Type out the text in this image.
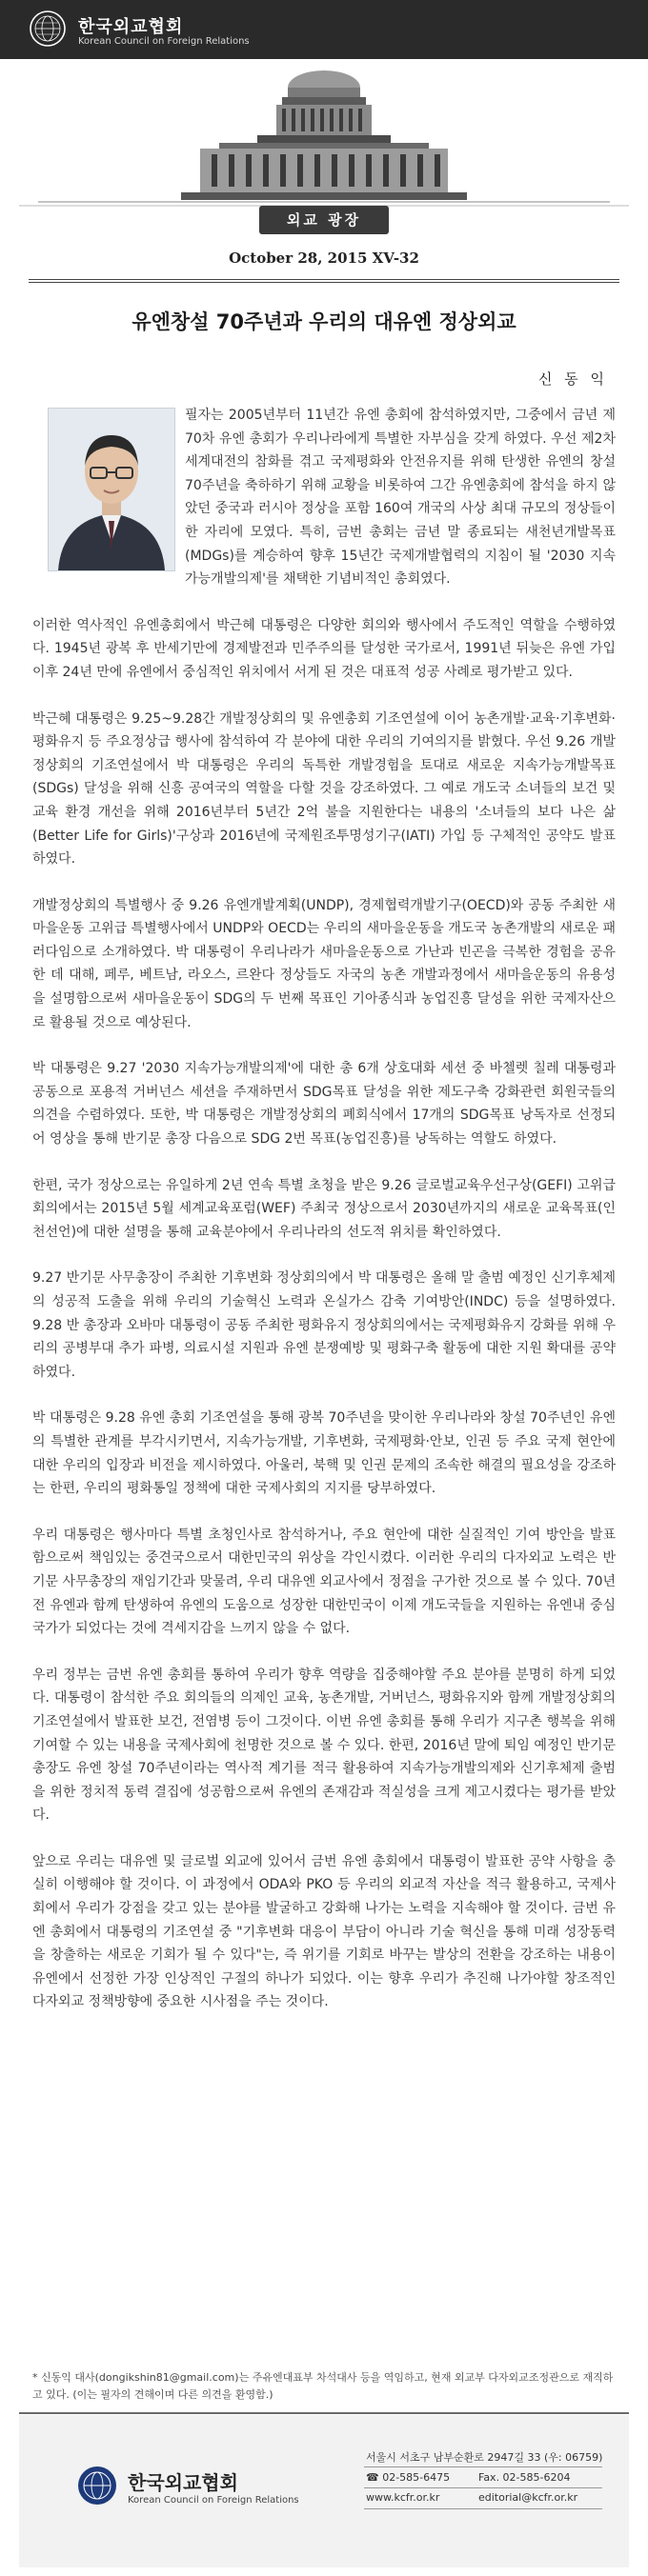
한국외교협회
Korean Council on Foreign Relations
외교 광장
October 28, 2015 XV-32
유엔창설 70주년과 우리의 대유엔 정상외교
신 동 익

필자는 2005년부터 11년간 유엔 총회에 참석하였지만, 그중에서 금년 제70차 유엔 총회가 우리나라에게 특별한 자부심을 갖게 하였다. 우선 제2차 세계대전의 참화를 겪고 국제평화와 안전유지를 위해 탄생한 유엔의 창설 70주년을 축하하기 위해 교황을 비롯하여 그간 유엔총회에 참석을 하지 않았던 중국과 러시아 정상을 포함 160여 개국의 사상 최대 규모의 정상들이 한 자리에 모였다. 특히, 금번 총회는 금년 말 종료되는 새천년개발목표(MDGs)를 계승하여 향후 15년간 국제개발협력의 지침이 될 '2030 지속가능개발의제'를 채택한 기념비적인 총회였다.

이러한 역사적인 유엔총회에서 박근혜 대통령은 다양한 회의와 행사에서 주도적인 역할을 수행하였다. 1945년 광복 후 반세기만에 경제발전과 민주주의를 달성한 국가로서, 1991년 뒤늦은 유엔 가입 이후 24년 만에 유엔에서 중심적인 위치에서 서게 된 것은 대표적 성공 사례로 평가받고 있다.

박근혜 대통령은 9.25~9.28간 개발정상회의 및 유엔총회 기조연설에 이어 농촌개발·교육·기후변화·평화유지 등 주요정상급 행사에 참석하여 각 분야에 대한 우리의 기여의지를 밝혔다. 우선 9.26 개발정상회의 기조연설에서 박 대통령은 우리의 독특한 개발경험을 토대로 새로운 지속가능개발목표(SDGs) 달성을 위해 신흥 공여국의 역할을 다할 것을 강조하였다. 그 예로 개도국 소녀들의 보건 및 교육 환경 개선을 위해 2016년부터 5년간 2억 불을 지원한다는 내용의 '소녀들의 보다 나은 삶(Better Life for Girls)'구상과 2016년에 국제원조투명성기구(IATI) 가입 등 구체적인 공약도 발표하였다.

개발정상회의 특별행사 중 9.26 유엔개발계획(UNDP), 경제협력개발기구(OECD)와 공동 주최한 새마을운동 고위급 특별행사에서 UNDP와 OECD는 우리의 새마을운동을 개도국 농촌개발의 새로운 패러다임으로 소개하였다. 박 대통령이 우리나라가 새마을운동으로 가난과 빈곤을 극복한 경험을 공유한 데 대해, 페루, 베트남, 라오스, 르완다 정상들도 자국의 농촌 개발과정에서 새마을운동의 유용성을 설명함으로써 새마을운동이 SDG의 두 번째 목표인 기아종식과 농업진흥 달성을 위한 국제자산으로 활용될 것으로 예상된다.

박 대통령은 9.27 '2030 지속가능개발의제'에 대한 총 6개 상호대화 세션 중 바첼렛 칠레 대통령과 공동으로 포용적 거버넌스 세션을 주재하면서 SDG목표 달성을 위한 제도구축 강화관련 회원국들의 의견을 수렴하였다. 또한, 박 대통령은 개발정상회의 폐회식에서 17개의 SDG목표 낭독자로 선정되어 영상을 통해 반기문 총장 다음으로 SDG 2번 목표(농업진흥)를 낭독하는 역할도 하였다.

한편, 국가 정상으로는 유일하게 2년 연속 특별 초청을 받은 9.26 글로벌교육우선구상(GEFI) 고위급회의에서는 2015년 5월 세계교육포럼(WEF) 주최국 정상으로서 2030년까지의 새로운 교육목표(인천선언)에 대한 설명을 통해 교육분야에서 우리나라의 선도적 위치를 확인하였다.

9.27 반기문 사무총장이 주최한 기후변화 정상회의에서 박 대통령은 올해 말 출범 예정인 신기후체제의 성공적 도출을 위해 우리의 기술혁신 노력과 온실가스 감축 기여방안(INDC) 등을 설명하였다. 9.28 반 총장과 오바마 대통령이 공동 주최한 평화유지 정상회의에서는 국제평화유지 강화를 위해 우리의 공병부대 추가 파병, 의료시설 지원과 유엔 분쟁예방 및 평화구축 활동에 대한 지원 확대를 공약하였다.

박 대통령은 9.28 유엔 총회 기조연설을 통해 광복 70주년을 맞이한 우리나라와 창설 70주년인 유엔의 특별한 관계를 부각시키면서, 지속가능개발, 기후변화, 국제평화·안보, 인권 등 주요 국제 현안에 대한 우리의 입장과 비전을 제시하였다. 아울러, 북핵 및 인권 문제의 조속한 해결의 필요성을 강조하는 한편, 우리의 평화통일 정책에 대한 국제사회의 지지를 당부하였다.

우리 대통령은 행사마다 특별 초청인사로 참석하거나, 주요 현안에 대한 실질적인 기여 방안을 발표함으로써 책임있는 중견국으로서 대한민국의 위상을 각인시켰다. 이러한 우리의 다자외교 노력은 반기문 사무총장의 재임기간과 맞물려, 우리 대유엔 외교사에서 정점을 구가한 것으로 볼 수 있다. 70년 전 유엔과 함께 탄생하여 유엔의 도움으로 성장한 대한민국이 이제 개도국들을 지원하는 유엔내 중심국가가 되었다는 것에 격세지감을 느끼지 않을 수 없다.

우리 정부는 금번 유엔 총회를 통하여 우리가 향후 역량을 집중해야할 주요 분야를 분명히 하게 되었다. 대통령이 참석한 주요 회의들의 의제인 교육, 농촌개발, 거버넌스, 평화유지와 함께 개발정상회의 기조연설에서 발표한 보건, 전염병 등이 그것이다. 이번 유엔 총회를 통해 우리가 지구촌 행복을 위해 기여할 수 있는 내용을 국제사회에 천명한 것으로 볼 수 있다. 한편, 2016년 말에 퇴임 예정인 반기문 총장도 유엔 창설 70주년이라는 역사적 계기를 적극 활용하여 지속가능개발의제와 신기후체제 출범을 위한 정치적 동력 결집에 성공함으로써 유엔의 존재감과 적실성을 크게 제고시켰다는 평가를 받았다.

앞으로 우리는 대유엔 및 글로벌 외교에 있어서 금번 유엔 총회에서 대통령이 발표한 공약 사항을 충실히 이행해야 할 것이다. 이 과정에서 ODA와 PKO 등 우리의 외교적 자산을 적극 활용하고, 국제사회에서 우리가 강점을 갖고 있는 분야를 발굴하고 강화해 나가는 노력을 지속해야 할 것이다. 금번 유엔 총회에서 대통령의 기조연설 중 "기후변화 대응이 부담이 아니라 기술 혁신을 통해 미래 성장동력을 창출하는 새로운 기회가 될 수 있다"는, 즉 위기를 기회로 바꾸는 발상의 전환을 강조하는 내용이 유엔에서 선정한 가장 인상적인 구절의 하나가 되었다. 이는 향후 우리가 추진해 나가야할 창조적인 다자외교 정책방향에 중요한 시사점을 주는 것이다.

* 신동익 대사(dongikshin81@gmail.com)는 주유엔대표부 차석대사 등을 역임하고, 현재 외교부 다자외교조정관으로 재직하고 있다. (이는 필자의 견해이며 다른 의견을 환영함.)
한국외교협회
Korean Council on Foreign Relations
서울시 서초구 남부순환로 2947길 33 (우: 06759)
☎ 02-585-6475	Fax. 02-585-6204
www.kcfr.or.kr	editorial@kcfr.or.kr
